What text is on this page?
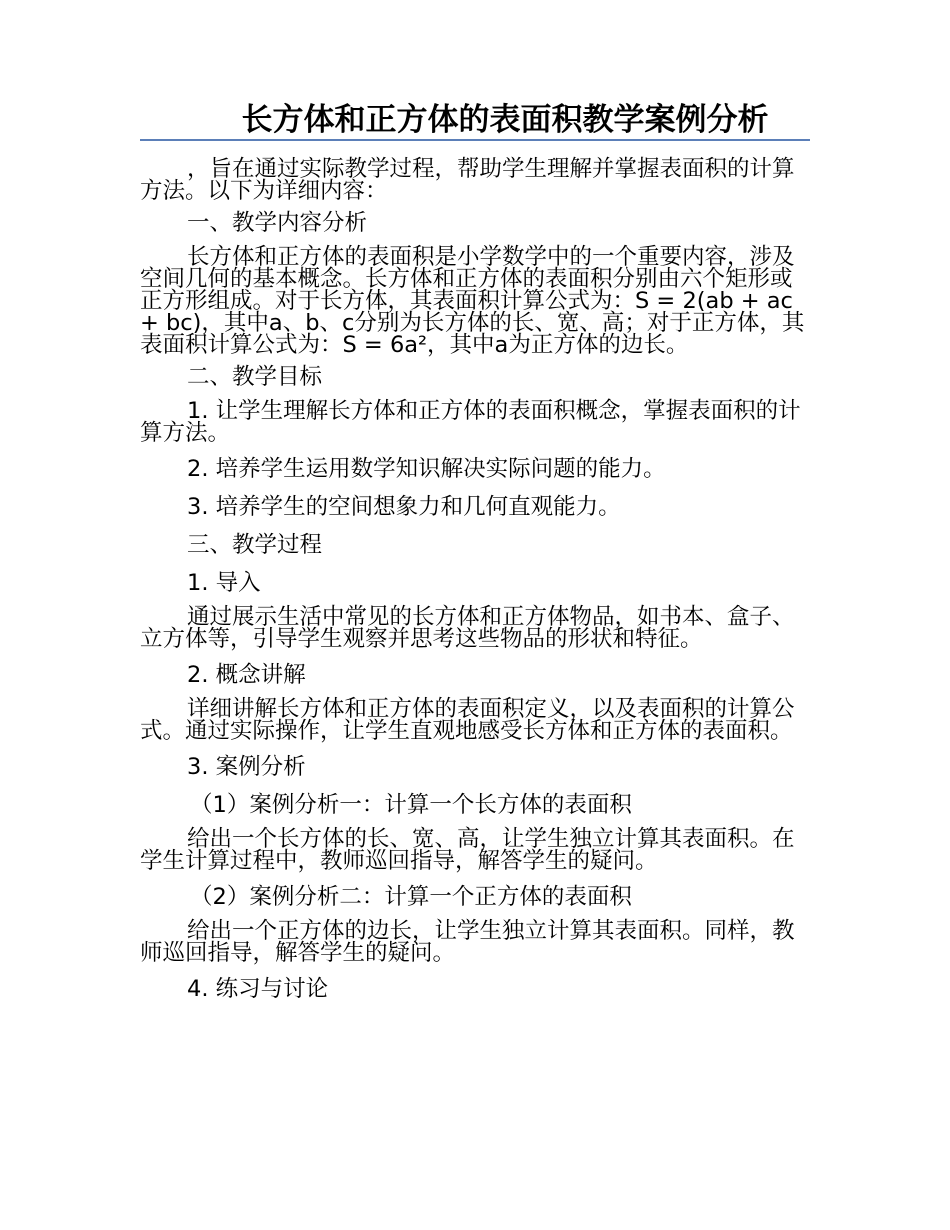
长方体和正方体的表面积教学案例分析

，旨在通过实际教学过程，帮助学生理解并掌握表面积的计算方法。以下为详细内容：

一、教学内容分析

长方体和正方体的表面积是小学数学中的一个重要内容，涉及空间几何的基本概念。长方体和正方体的表面积分别由六个矩形或正方形组成。对于长方体，其表面积计算公式为：S = 2(ab + ac + bc)，其中a、b、c分别为长方体的长、宽、高；对于正方体，其表面积计算公式为：S = 6a²，其中a为正方体的边长。

二、教学目标

1. 让学生理解长方体和正方体的表面积概念，掌握表面积的计算方法。

2. 培养学生运用数学知识解决实际问题的能力。

3. 培养学生的空间想象力和几何直观能力。

三、教学过程

1. 导入

通过展示生活中常见的长方体和正方体物品，如书本、盒子、立方体等，引导学生观察并思考这些物品的形状和特征。

2. 概念讲解

详细讲解长方体和正方体的表面积定义，以及表面积的计算公式。通过实际操作，让学生直观地感受长方体和正方体的表面积。

3. 案例分析

（1）案例分析一：计算一个长方体的表面积

给出一个长方体的长、宽、高，让学生独立计算其表面积。在学生计算过程中，教师巡回指导，解答学生的疑问。

（2）案例分析二：计算一个正方体的表面积

给出一个正方体的边长，让学生独立计算其表面积。同样，教师巡回指导，解答学生的疑问。

4. 练习与讨论
